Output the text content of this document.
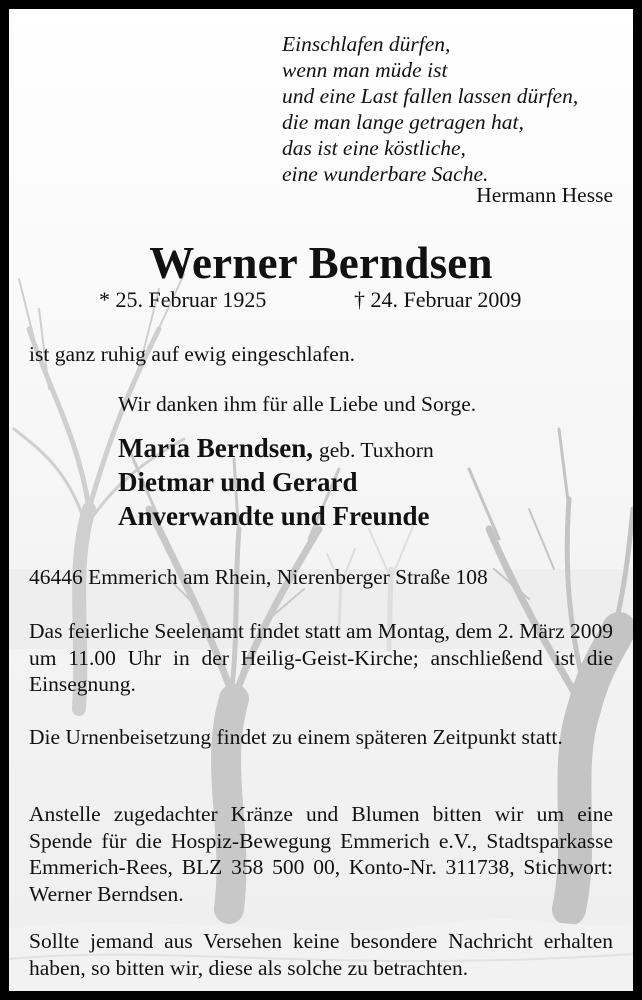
Einschlafen dürfen,
wenn man müde ist
und eine Last fallen lassen dürfen,
die man lange getragen hat,
das ist eine köstliche,
eine wunderbare Sache.
Hermann Hesse
Werner Berndsen
* 25. Februar 1925	† 24. Februar 2009
ist ganz ruhig auf ewig eingeschlafen.
Wir danken ihm für alle Liebe und Sorge.
Maria Berndsen, geb. Tuxhorn
Dietmar und Gerard
Anverwandte und Freunde
46446 Emmerich am Rhein, Nierenberger Straße 108
Das feierliche Seelenamt findet statt am Montag, dem 2. März 2009 um 11.00 Uhr in der Heilig-Geist-Kirche; anschließend ist die Einsegnung.
Die Urnenbeisetzung findet zu einem späteren Zeitpunkt statt.
Anstelle zugedachter Kränze und Blumen bitten wir um eine Spende für die Hospiz-Bewegung Emmerich e.V., Stadtsparkasse Emmerich-Rees, BLZ 358 500 00, Konto-Nr. 311738, Stichwort: Werner Berndsen.
Sollte jemand aus Versehen keine besondere Nachricht erhalten haben, so bitten wir, diese als solche zu betrachten.
